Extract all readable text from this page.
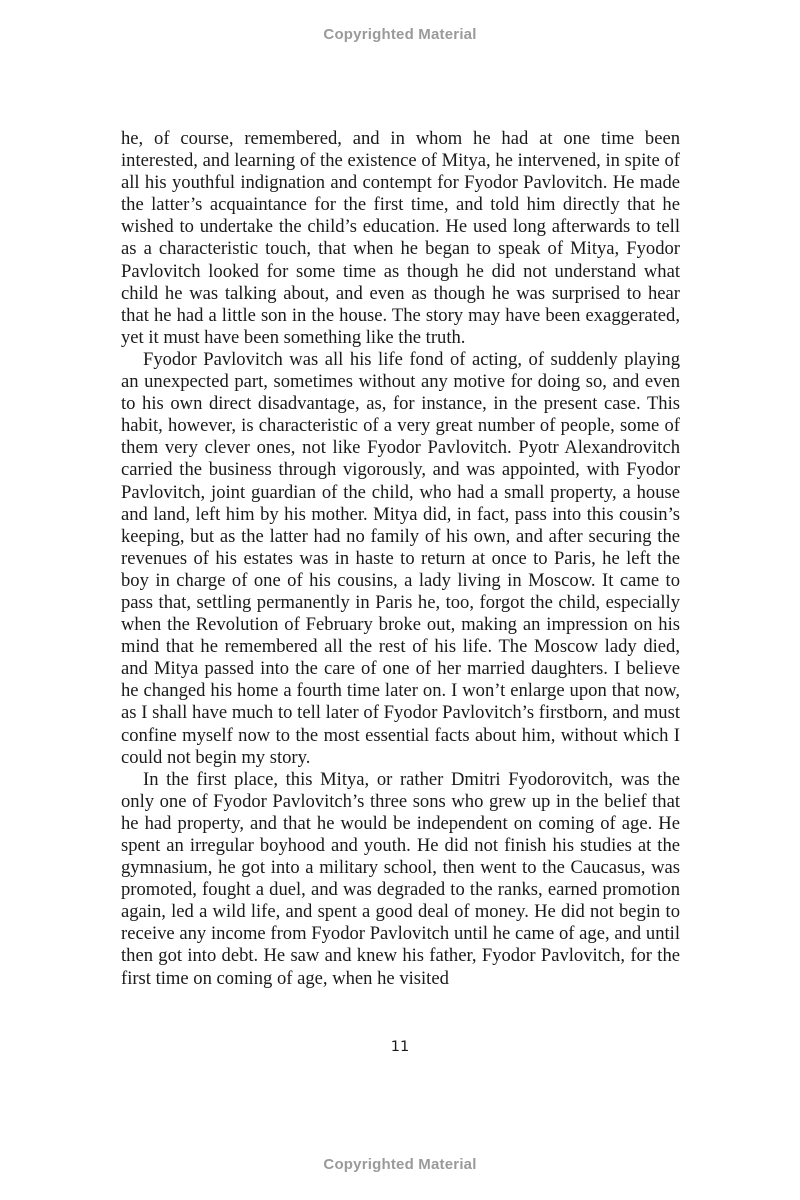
Copyrighted Material

he, of course, remembered, and in whom he had at one time been interested, and learning of the existence of Mitya, he intervened, in spite of all his youthful indignation and contempt for Fyodor Pavlovitch. He made the latter’s acquaintance for the first time, and told him directly that he wished to undertake the child’s education. He used long afterwards to tell as a characteristic touch, that when he began to speak of Mitya, Fyodor Pavlovitch looked for some time as though he did not understand what child he was talking about, and even as though he was surprised to hear that he had a little son in the house. The story may have been exaggerated, yet it must have been something like the truth.

Fyodor Pavlovitch was all his life fond of acting, of suddenly playing an unexpected part, sometimes without any motive for doing so, and even to his own direct disadvantage, as, for instance, in the present case. This habit, however, is characteristic of a very great number of people, some of them very clever ones, not like Fyodor Pavlovitch. Pyotr Alexandrovitch carried the business through vigorously, and was appointed, with Fyodor Pavlovitch, joint guardian of the child, who had a small property, a house and land, left him by his mother. Mitya did, in fact, pass into this cousin’s keeping, but as the latter had no family of his own, and after securing the revenues of his estates was in haste to return at once to Paris, he left the boy in charge of one of his cousins, a lady living in Moscow. It came to pass that, settling permanently in Paris he, too, forgot the child, especially when the Revolution of February broke out, making an impression on his mind that he remembered all the rest of his life. The Moscow lady died, and Mitya passed into the care of one of her married daughters. I believe he changed his home a fourth time later on. I won’t enlarge upon that now, as I shall have much to tell later of Fyodor Pavlovitch’s firstborn, and must confine myself now to the most essential facts about him, without which I could not begin my story.

In the first place, this Mitya, or rather Dmitri Fyodorovitch, was the only one of Fyodor Pavlovitch’s three sons who grew up in the belief that he had property, and that he would be independent on coming of age. He spent an irregular boyhood and youth. He did not finish his studies at the gymnasium, he got into a military school, then went to the Caucasus, was promoted, fought a duel, and was degraded to the ranks, earned promotion again, led a wild life, and spent a good deal of money. He did not begin to receive any income from Fyodor Pavlovitch until he came of age, and until then got into debt. He saw and knew his father, Fyodor Pavlovitch, for the first time on coming of age, when he visited

11
Copyrighted Material
